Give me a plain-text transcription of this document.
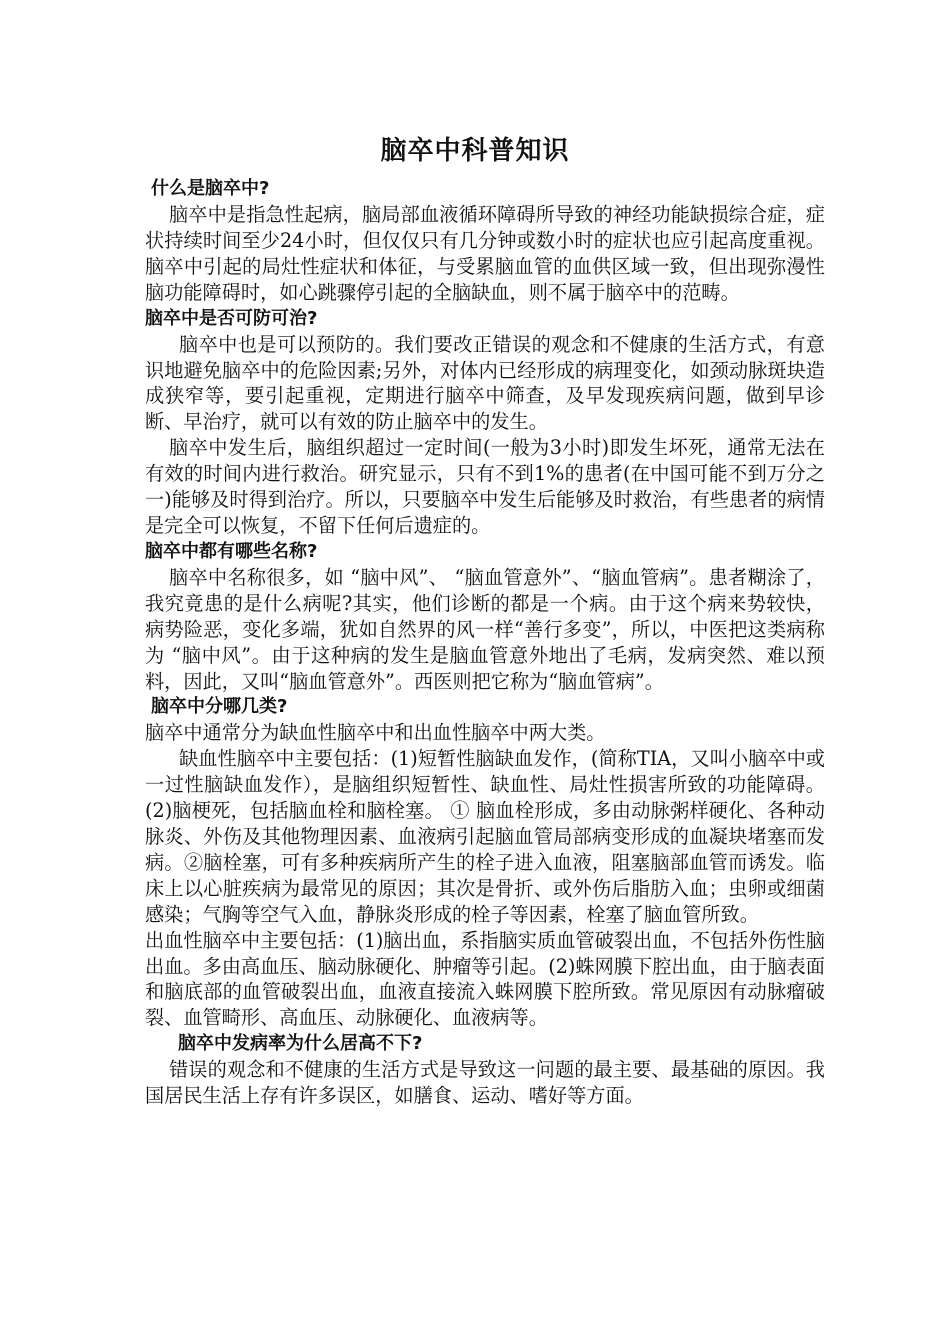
脑卒中科普知识
什么是脑卒中?

脑卒中是指急性起病，脑局部血液循环障碍所导致的神经功能缺损综合症，症状持续时间至少24小时，但仅仅只有几分钟或数小时的症状也应引起高度重视。脑卒中引起的局灶性症状和体征，与受累脑血管的血供区域一致，但出现弥漫性脑功能障碍时，如心跳骤停引起的全脑缺血，则不属于脑卒中的范畴。

脑卒中是否可防可治?

脑卒中也是可以预防的。我们要改正错误的观念和不健康的生活方式，有意识地避免脑卒中的危险因素;另外，对体内已经形成的病理变化，如颈动脉斑块造成狭窄等，要引起重视，定期进行脑卒中筛查，及早发现疾病问题，做到早诊断、早治疗，就可以有效的防止脑卒中的发生。

脑卒中发生后，脑组织超过一定时间(一般为3小时)即发生坏死，通常无法在有效的时间内进行救治。研究显示，只有不到1%的患者(在中国可能不到万分之一)能够及时得到治疗。所以，只要脑卒中发生后能够及时救治，有些患者的病情是完全可以恢复，不留下任何后遗症的。

脑卒中都有哪些名称?

脑卒中名称很多，如 “脑中风”、 “脑血管意外”、“脑血管病”。患者糊涂了，我究竟患的是什么病呢?其实，他们诊断的都是一个病。由于这个病来势较快，病势险恶，变化多端，犹如自然界的风一样“善行多变”，所以，中医把这类病称为 “脑中风”。由于这种病的发生是脑血管意外地出了毛病，发病突然、难以预料，因此，又叫“脑血管意外”。西医则把它称为“脑血管病”。

脑卒中分哪几类?

脑卒中通常分为缺血性脑卒中和出血性脑卒中两大类。

缺血性脑卒中主要包括：(1)短暂性脑缺血发作，(简称TIA，又叫小脑卒中或一过性脑缺血发作），是脑组织短暂性、缺血性、局灶性损害所致的功能障碍。(2)脑梗死，包括脑血栓和脑栓塞。 ① 脑血栓形成，多由动脉粥样硬化、各种动脉炎、外伤及其他物理因素、血液病引起脑血管局部病变形成的血凝块堵塞而发病。②脑栓塞，可有多种疾病所产生的栓子进入血液，阻塞脑部血管而诱发。临床上以心脏疾病为最常见的原因；其次是骨折、或外伤后脂肪入血；虫卵或细菌感染；气胸等空气入血，静脉炎形成的栓子等因素，栓塞了脑血管所致。

出血性脑卒中主要包括：(1)脑出血，系指脑实质血管破裂出血，不包括外伤性脑出血。多由高血压、脑动脉硬化、肿瘤等引起。(2)蛛网膜下腔出血，由于脑表面和脑底部的血管破裂出血，血液直接流入蛛网膜下腔所致。常见原因有动脉瘤破裂、血管畸形、高血压、动脉硬化、血液病等。

脑卒中发病率为什么居高不下?

错误的观念和不健康的生活方式是导致这一问题的最主要、最基础的原因。我国居民生活上存有许多误区，如膳食、运动、嗜好等方面。
